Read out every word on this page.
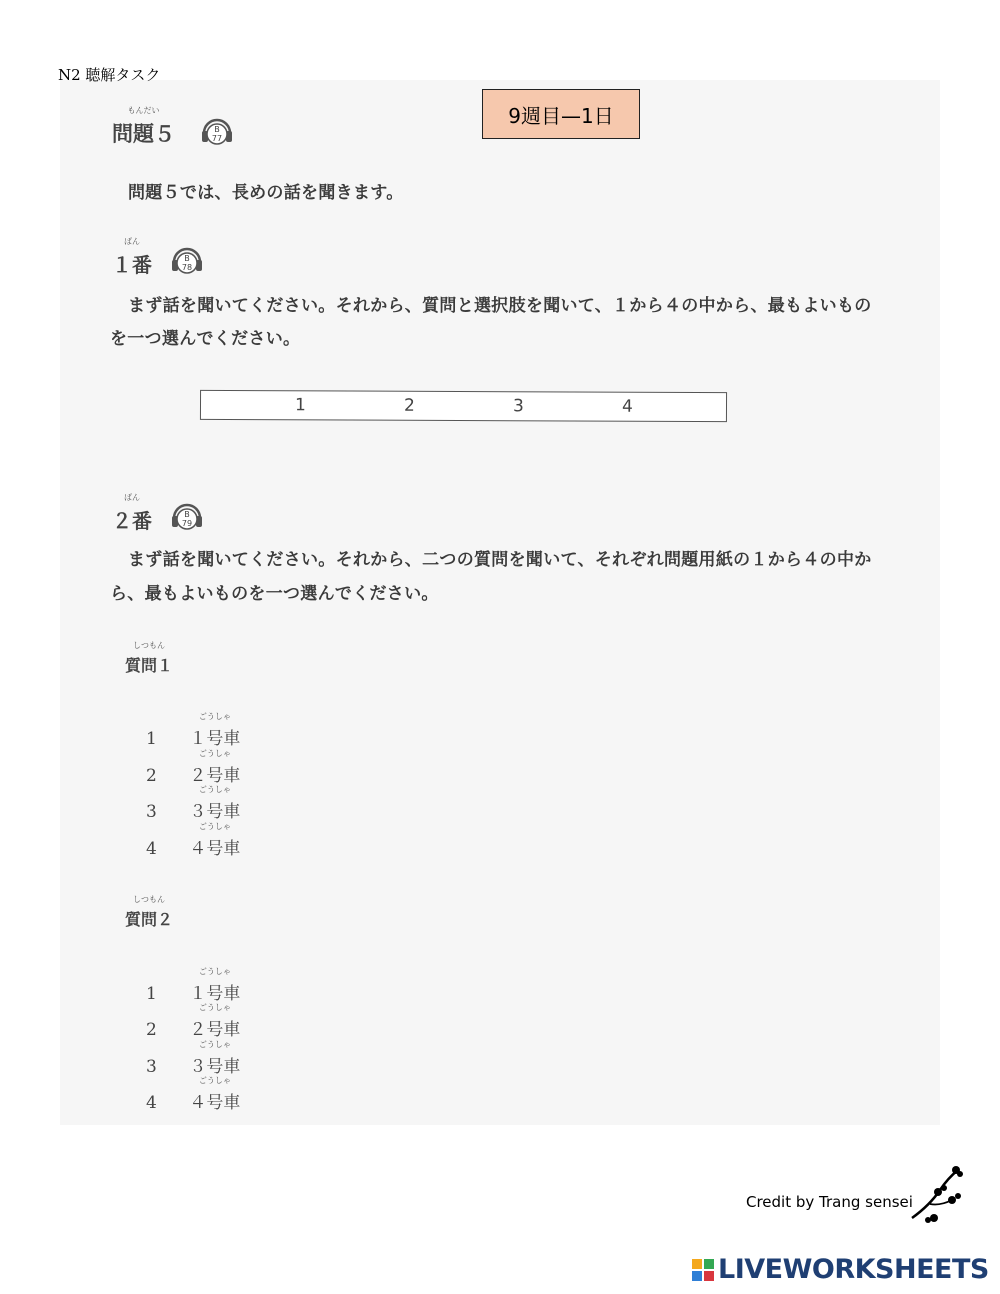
N2 聴解タスク
9週目—1日
もんだい
問題５	B
77
問題５では、長めの話を聞きます。
ばん
１番	B
78
まず話を聞いてください。それから、質問と選択肢を聞いて、１から４の中から、最もよいもの
を一つ選んでください。
1	2	3	4
ばん
２番	B
79
まず話を聞いてください。それから、二つの質問を聞いて、それぞれ問題用紙の１から４の中か
ら、最もよいものを一つ選んでください。
しつもん
質問１
1
ごうしゃ
１号車
2
ごうしゃ
２号車
3
ごうしゃ
３号車
4
ごうしゃ
４号車
しつもん
質問２
1
ごうしゃ
１号車
2
ごうしゃ
２号車
3
ごうしゃ
３号車
4
ごうしゃ
４号車
Credit by Trang sensei
LIVEWORKSHEETS
